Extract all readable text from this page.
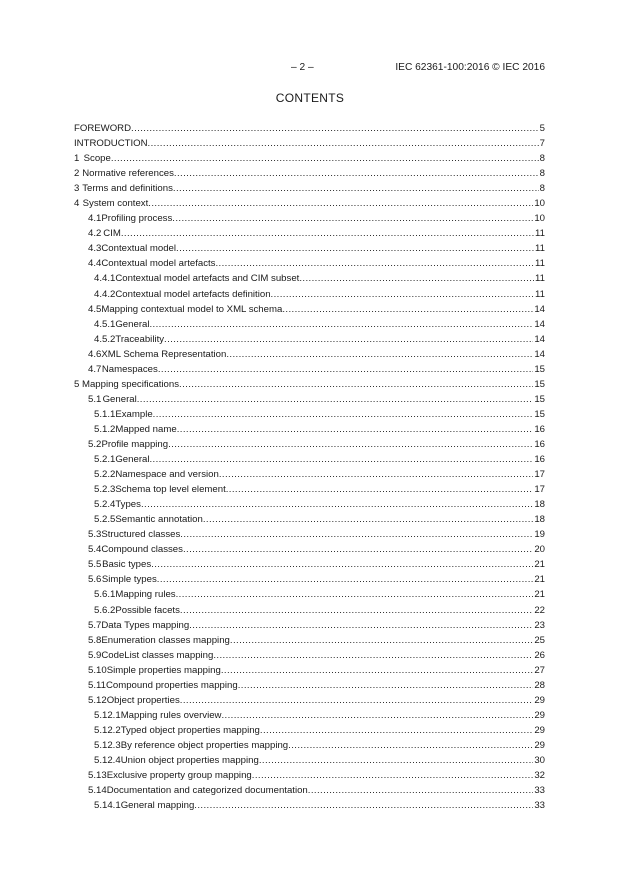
– 2 –	IEC 62361-100:2016 © IEC 2016
CONTENTS
FOREWORD .....	5
INTRODUCTION .....	7
1 Scope .....	8
2 Normative references .....	8
3 Terms and definitions .....	8
4 System context .....	10
4.1 Profiling process .....	10
4.2 CIM .....	11
4.3 Contextual model .....	11
4.4 Contextual model artefacts .....	11
4.4.1 Contextual model artefacts and CIM subset .....	11
4.4.2 Contextual model artefacts definition .....	11
4.5 Mapping contextual model to XML schema .....	14
4.5.1 General .....	14
4.5.2 Traceability .....	14
4.6 XML Schema Representation .....	14
4.7 Namespaces .....	15
5 Mapping specifications .....	15
5.1 General .....	15
5.1.1 Example .....	15
5.1.2 Mapped name .....	16
5.2 Profile mapping .....	16
5.2.1 General .....	16
5.2.2 Namespace and version .....	17
5.2.3 Schema top level element .....	17
5.2.4 Types .....	18
5.2.5 Semantic annotation .....	18
5.3 Structured classes .....	19
5.4 Compound classes .....	20
5.5 Basic types .....	21
5.6 Simple types .....	21
5.6.1 Mapping rules .....	21
5.6.2 Possible facets .....	22
5.7 Data Types mapping .....	23
5.8 Enumeration classes mapping .....	25
5.9 CodeList classes mapping .....	26
5.10 Simple properties mapping .....	27
5.11 Compound properties mapping .....	28
5.12 Object properties .....	29
5.12.1 Mapping rules overview .....	29
5.12.2 Typed object properties mapping .....	29
5.12.3 By reference object properties mapping .....	29
5.12.4 Union object properties mapping .....	30
5.13 Exclusive property group mapping .....	32
5.14 Documentation and categorized documentation .....	33
5.14.1 General mapping .....	33
